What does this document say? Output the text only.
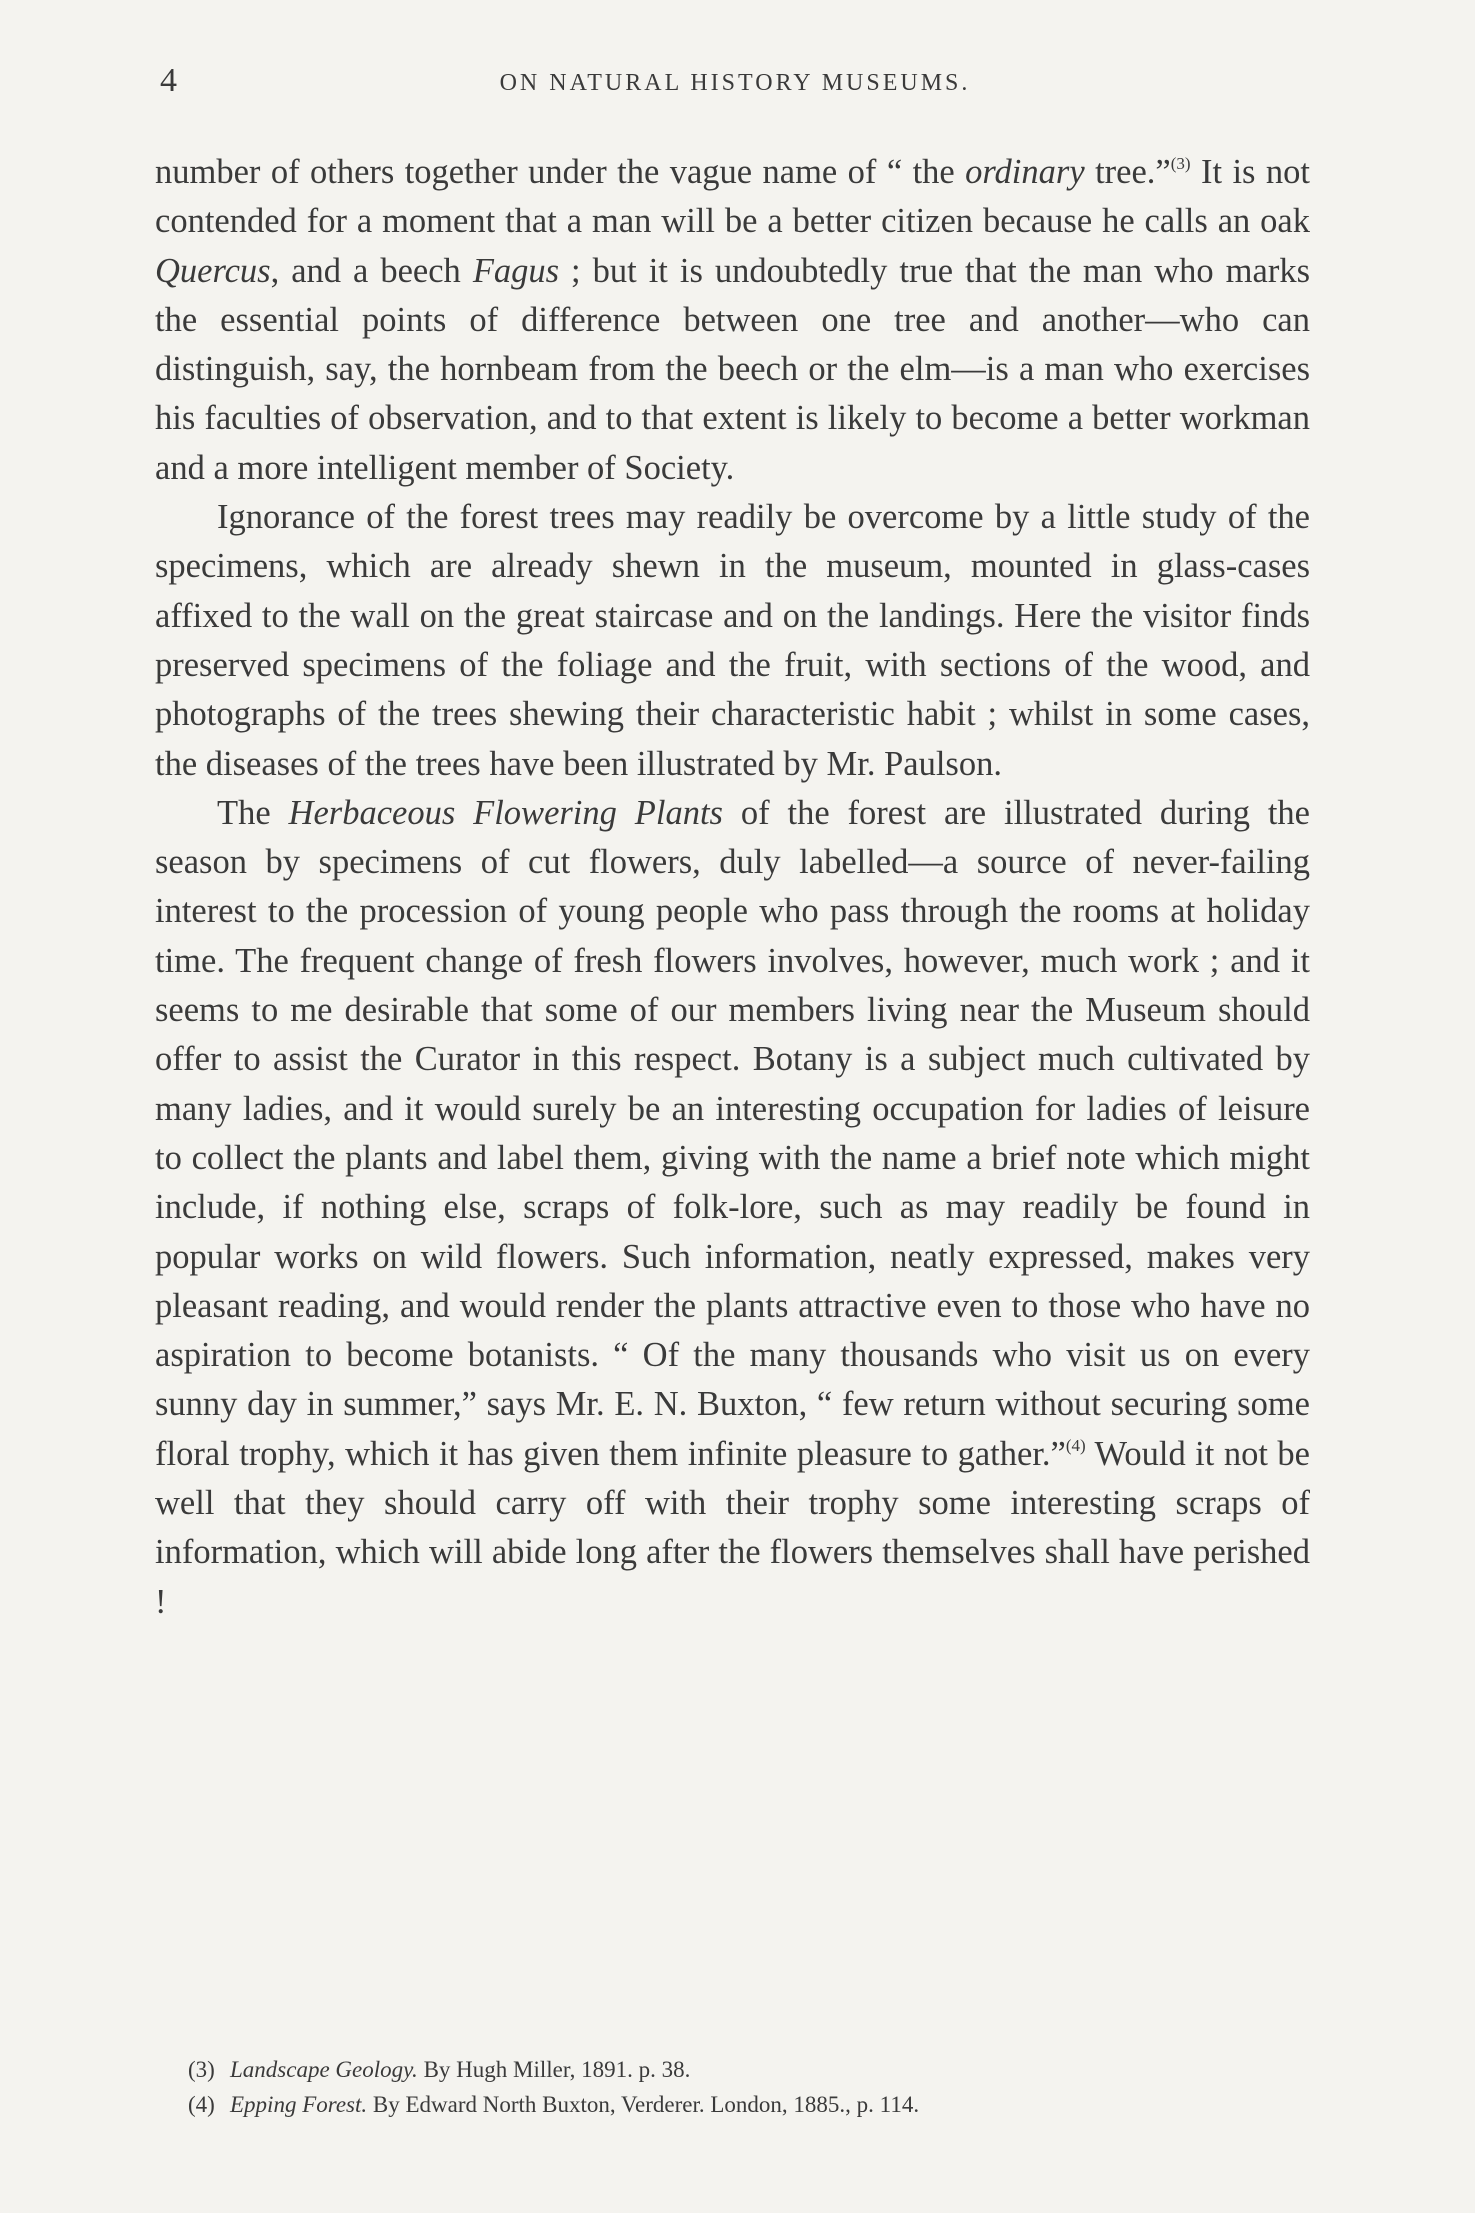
4	ON NATURAL HISTORY MUSEUMS.

number of others together under the vague name of “ the ordinary tree.”$^{(3)}$ It is not contended for a moment that a man will be a better citizen because he calls an oak Quercus, and a beech Fagus ; but it is undoubtedly true that the man who marks the essential points of difference between one tree and another—who can distinguish, say, the hornbeam from the beech or the elm—is a man who exercises his faculties of observation, and to that extent is likely to become a better workman and a more intelligent member of Society.

Ignorance of the forest trees may readily be overcome by a little study of the specimens, which are already shewn in the museum, mounted in glass-cases affixed to the wall on the great staircase and on the landings. Here the visitor finds preserved specimens of the foliage and the fruit, with sections of the wood, and photographs of the trees shewing their characteristic habit ; whilst in some cases, the diseases of the trees have been illustrated by Mr. Paulson.

The Herbaceous Flowering Plants of the forest are illustrated during the season by specimens of cut flowers, duly labelled—a source of never-failing interest to the procession of young people who pass through the rooms at holiday time. The frequent change of fresh flowers involves, however, much work ; and it seems to me desirable that some of our members living near the Museum should offer to assist the Curator in this respect. Botany is a subject much cultivated by many ladies, and it would surely be an interesting occupation for ladies of leisure to collect the plants and label them, giving with the name a brief note which might include, if nothing else, scraps of folk-lore, such as may readily be found in popular works on wild flowers. Such information, neatly expressed, makes very pleasant reading, and would render the plants attractive even to those who have no aspiration to become botanists. “ Of the many thousands who visit us on every sunny day in summer,” says Mr. E. N. Buxton, “ few return without securing some floral trophy, which it has given them infinite pleasure to gather.”$^{(4)}$ Would it not be well that they should carry off with their trophy some interesting scraps of information, which will abide long after the flowers themselves shall have perished !

(3) Landscape Geology. By Hugh Miller, 1891. p. 38.

(4) Epping Forest. By Edward North Buxton, Verderer. London, 1885., p. 114.
